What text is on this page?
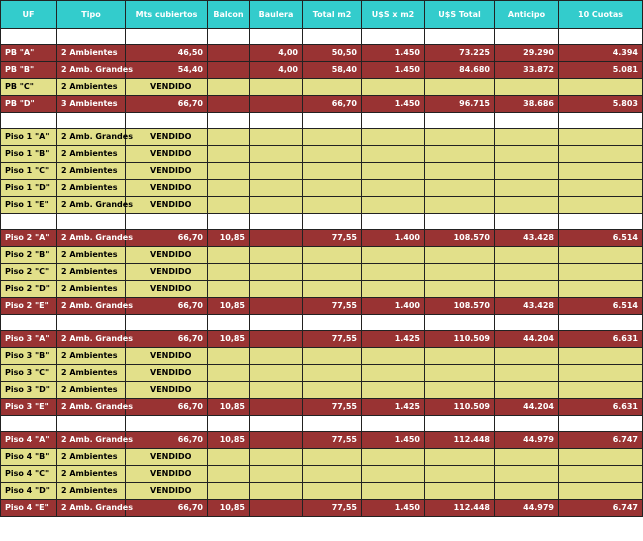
UF	Tipo	Mts cubiertos	Balcon	Baulera	Total m2	U$S x m2	U$S Total	Anticipo	10 Cuotas

PB "A"	2 Ambientes	46,50		4,00	50,50	1.450	73.225	29.290	4.394
PB "B"	2 Amb. Grandes	54,40		4,00	58,40	1.450	84.680	33.872	5.081
PB "C"	2 Ambientes	VENDIDO							
PB "D"	3 Ambientes	66,70			66,70	1.450	96.715	38.686	5.803

Piso 1 "A"	2 Amb. Grandes	VENDIDO							
Piso 1 "B"	2 Ambientes	VENDIDO							
Piso 1 "C"	2 Ambientes	VENDIDO							
Piso 1 "D"	2 Ambientes	VENDIDO							
Piso 1 "E"	2 Amb. Grandes	VENDIDO							

Piso 2 "A"	2 Amb. Grandes	66,70	10,85		77,55	1.400	108.570	43.428	6.514
Piso 2 "B"	2 Ambientes	VENDIDO							
Piso 2 "C"	2 Ambientes	VENDIDO							
Piso 2 "D"	2 Ambientes	VENDIDO							
Piso 2 "E"	2 Amb. Grandes	66,70	10,85		77,55	1.400	108.570	43.428	6.514

Piso 3 "A"	2 Amb. Grandes	66,70	10,85		77,55	1.425	110.509	44.204	6.631
Piso 3 "B"	2 Ambientes	VENDIDO							
Piso 3 "C"	2 Ambientes	VENDIDO							
Piso 3 "D"	2 Ambientes	VENDIDO							
Piso 3 "E"	2 Amb. Grandes	66,70	10,85		77,55	1.425	110.509	44.204	6.631

Piso 4 "A"	2 Amb. Grandes	66,70	10,85		77,55	1.450	112.448	44.979	6.747
Piso 4 "B"	2 Ambientes	VENDIDO							
Piso 4 "C"	2 Ambientes	VENDIDO							
Piso 4 "D"	2 Ambientes	VENDIDO							
Piso 4 "E"	2 Amb. Grandes	66,70	10,85		77,55	1.450	112.448	44.979	6.747
